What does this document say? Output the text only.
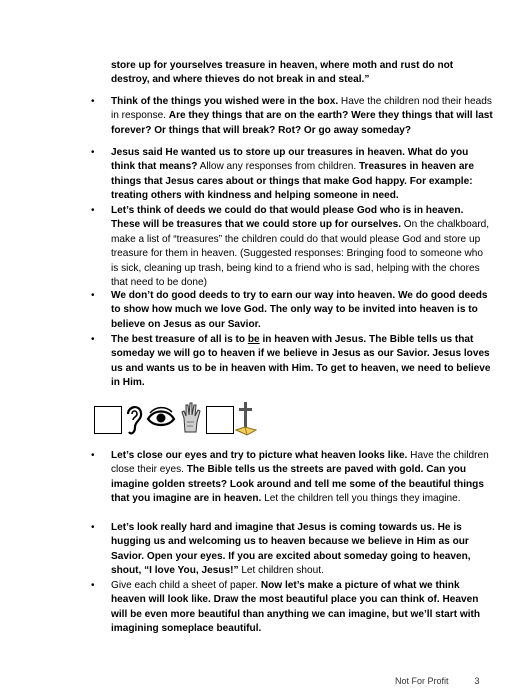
store up for yourselves treasure in heaven, where moth and rust do not destroy, and where thieves do not break in and steal.”
• Think of the things you wished were in the box. Have the children nod their heads in response. Are they things that are on the earth? Were they things that will last forever? Or things that will break? Rot? Or go away someday?
• Jesus said He wanted us to store up our treasures in heaven. What do you think that means? Allow any responses from children. Treasures in heaven are things that Jesus cares about or things that make God happy. For example: treating others with kindness and helping someone in need.
• Let’s think of deeds we could do that would please God who is in heaven. These will be treasures that we could store up for ourselves. On the chalkboard, make a list of “treasures” the children could do that would please God and store up treasure for them in heaven. (Suggested responses: Bringing food to someone who is sick, cleaning up trash, being kind to a friend who is sad, helping with the chores that need to be done)
• We don’t do good deeds to try to earn our way into heaven. We do good deeds to show how much we love God. The only way to be invited into heaven is to believe on Jesus as our Savior.
• The best treasure of all is to be in heaven with Jesus. The Bible tells us that someday we will go to heaven if we believe in Jesus as our Savior. Jesus loves us and wants us to be in heaven with Him. To get to heaven, we need to believe in Him.
• Let’s close our eyes and try to picture what heaven looks like. Have the children close their eyes. The Bible tells us the streets are paved with gold. Can you imagine golden streets? Look around and tell me some of the beautiful things that you imagine are in heaven. Let the children tell you things they imagine.
• Let’s look really hard and imagine that Jesus is coming towards us. He is hugging us and welcoming us to heaven because we believe in Him as our Savior. Open your eyes. If you are excited about someday going to heaven, shout, “I love You, Jesus!” Let children shout.
• Give each child a sheet of paper. Now let’s make a picture of what we think heaven will look like. Draw the most beautiful place you can think of. Heaven will be even more beautiful than anything we can imagine, but we’ll start with imagining someplace beautiful.
Not For Profit	3
